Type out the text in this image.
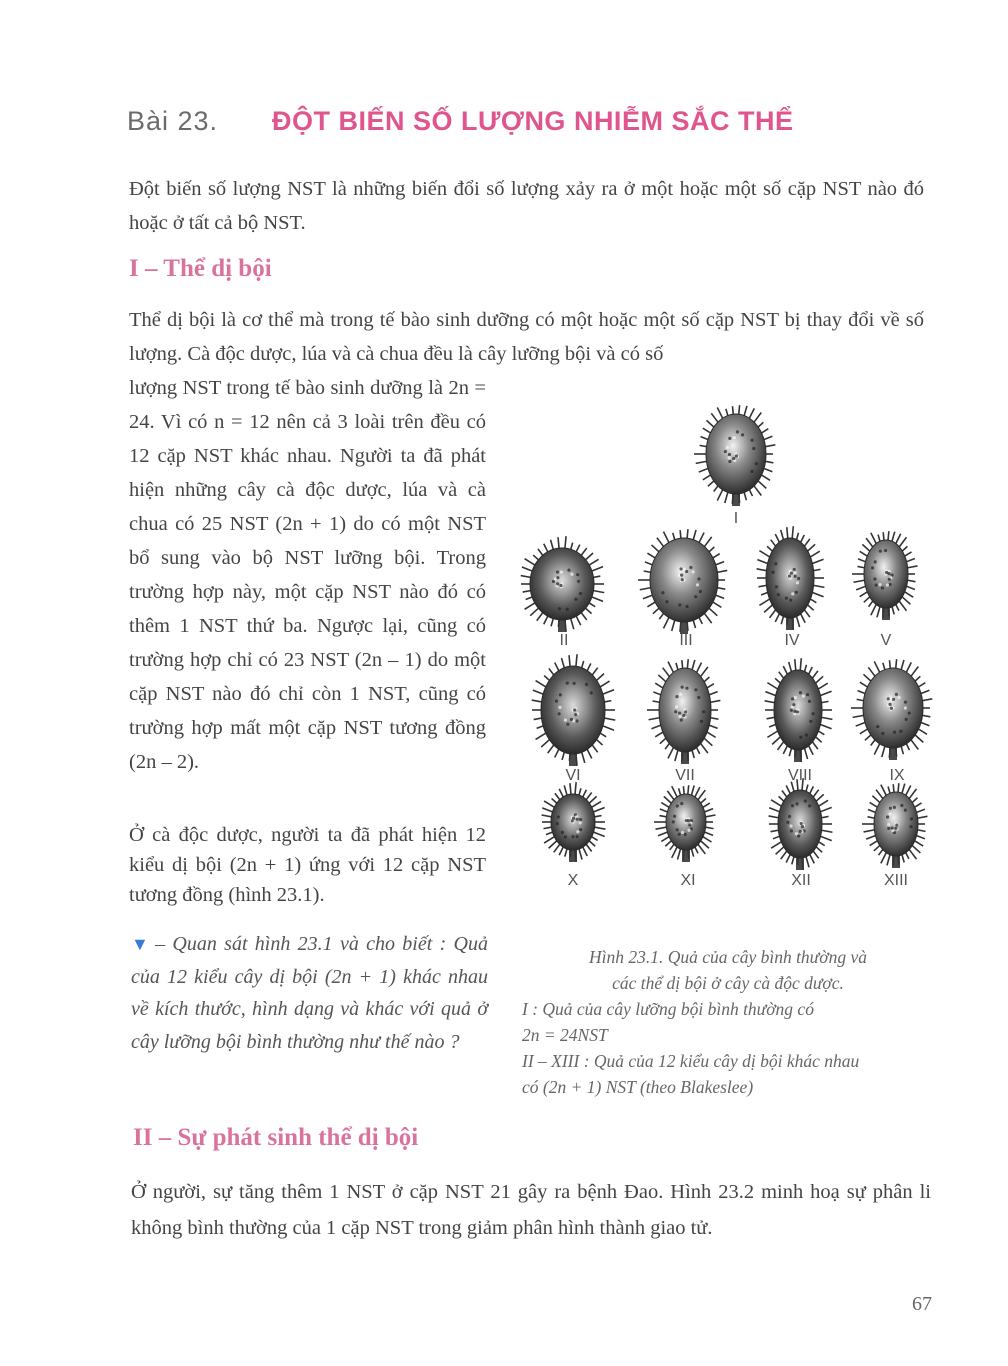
Bài 23. ĐỘT BIẾN SỐ LƯỢNG NHIỄM SẮC THỂ

Đột biến số lượng NST là những biến đổi số lượng xảy ra ở một hoặc một số cặp NST nào đó hoặc ở tất cả bộ NST.

I – Thể dị bội

Thể dị bội là cơ thể mà trong tế bào sinh dưỡng có một hoặc một số cặp NST bị thay đổi về số lượng. Cà độc dược, lúa và cà chua đều là cây lưỡng bội và có số

lượng NST trong tế bào sinh dưỡng là 2n = 24. Vì có n = 12 nên cả 3 loài trên đều có 12 cặp NST khác nhau. Người ta đã phát hiện những cây cà độc dược, lúa và cà chua có 25 NST (2n + 1) do có một NST bổ sung vào bộ NST lưỡng bội. Trong trường hợp này, một cặp NST nào đó có thêm 1 NST thứ ba. Ngược lại, cũng có trường hợp chỉ có 23 NST (2n – 1) do một cặp NST nào đó chỉ còn 1 NST, cũng có trường hợp mất một cặp NST tương đồng (2n – 2).

Ở cà độc dược, người ta đã phát hiện 12 kiểu dị bội (2n + 1) ứng với 12 cặp NST tương đồng (hình 23.1).

▼ – Quan sát hình 23.1 và cho biết : Quả của 12 kiểu cây dị bội (2n + 1) khác nhau về kích thước, hình dạng và khác với quả ở cây lưỡng bội bình thường như thế nào ?

I
II	III	IV	V
VI	VII	VIII	IX
X	XI	XII	XIII

Hình 23.1. Quả của cây bình thường và
các thể dị bội ở cây cà độc dược.
I : Quả của cây lưỡng bội bình thường có
2n = 24NST
II – XIII : Quả của 12 kiểu cây dị bội khác nhau
có (2n + 1) NST (theo Blakeslee)

II – Sự phát sinh thể dị bội

Ở người, sự tăng thêm 1 NST ở cặp NST 21 gây ra bệnh Đao. Hình 23.2 minh hoạ sự phân li không bình thường của 1 cặp NST trong giảm phân hình thành giao tử.

67
